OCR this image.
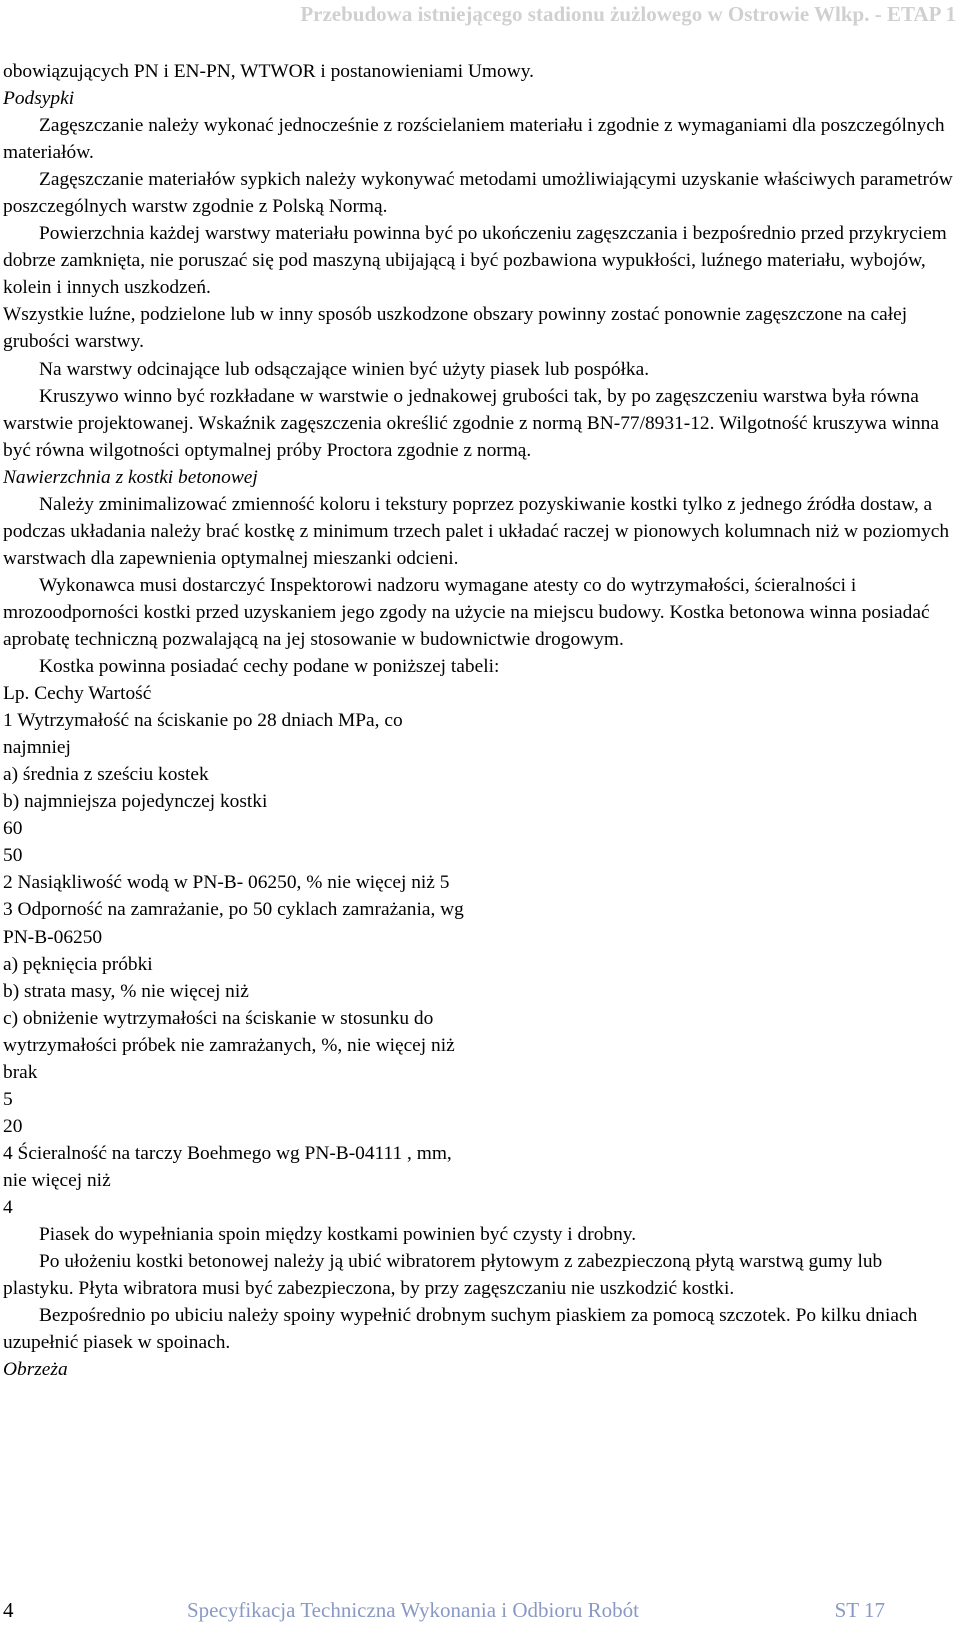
Przebudowa istniejącego stadionu żużlowego w Ostrowie Wlkp. - ETAP 1

obowiązujących PN i EN-PN, WTWOR i postanowieniami Umowy.

Podsypki

Zagęszczanie należy wykonać jednocześnie z rozścielaniem materiału i zgodnie z wymaganiami dla poszczególnych materiałów.

Zagęszczanie materiałów sypkich należy wykonywać metodami umożliwiającymi uzyskanie właściwych parametrów poszczególnych warstw zgodnie z Polską Normą.

Powierzchnia każdej warstwy materiału powinna być po ukończeniu zagęszczania i bezpośrednio przed przykryciem dobrze zamknięta, nie poruszać się pod maszyną ubijającą i być pozbawiona wypukłości, luźnego materiału, wybojów, kolein i innych uszkodzeń.

Wszystkie luźne, podzielone lub w inny sposób uszkodzone obszary powinny zostać ponownie zagęszczone na całej grubości warstwy.

Na warstwy odcinające lub odsączające winien być użyty piasek lub pospółka.

Kruszywo winno być rozkładane w warstwie o jednakowej grubości tak, by po zagęszczeniu warstwa była równa warstwie projektowanej. Wskaźnik zagęszczenia określić zgodnie z normą BN-77/8931-12. Wilgotność kruszywa winna być równa wilgotności optymalnej próby Proctora zgodnie z normą.

Nawierzchnia z kostki betonowej

Należy zminimalizować zmienność koloru i tekstury poprzez pozyskiwanie kostki tylko z jednego źródła dostaw, a podczas układania należy brać kostkę z minimum trzech palet i układać raczej w pionowych kolumnach niż w poziomych warstwach dla zapewnienia optymalnej mieszanki odcieni.

Wykonawca musi dostarczyć Inspektorowi nadzoru wymagane atesty co do wytrzymałości, ścieralności i mrozoodporności kostki przed uzyskaniem jego zgody na użycie na miejscu budowy. Kostka betonowa winna posiadać aprobatę techniczną pozwalającą na jej stosowanie w budownictwie drogowym.

Kostka powinna posiadać cechy podane w poniższej tabeli:

Lp. Cechy Wartość
1 Wytrzymałość na ściskanie po 28 dniach MPa, co
najmniej
a) średnia z sześciu kostek
b) najmniejsza pojedynczej kostki
60
50
2 Nasiąkliwość wodą w PN-B- 06250, % nie więcej niż 5
3 Odporność na zamrażanie, po 50 cyklach zamrażania, wg
PN-B-06250
a) pęknięcia próbki
b) strata masy, % nie więcej niż
c) obniżenie wytrzymałości na ściskanie w stosunku do
wytrzymałości próbek nie zamrażanych, %, nie więcej niż
brak
5
20
4 Ścieralność na tarczy Boehmego wg PN-B-04111 , mm,
nie więcej niż
4

Piasek do wypełniania spoin między kostkami powinien być czysty i drobny.

Po ułożeniu kostki betonowej należy ją ubić wibratorem płytowym z zabezpieczoną płytą warstwą gumy lub plastyku. Płyta wibratora musi być zabezpieczona, by przy zagęszczaniu nie uszkodzić kostki.

Bezpośrednio po ubiciu należy spoiny wypełnić drobnym suchym piaskiem za pomocą szczotek. Po kilku dniach uzupełnić piasek w spoinach.

Obrzeża
4	Specyfikacja Techniczna Wykonania i Odbioru Robót	ST 17
